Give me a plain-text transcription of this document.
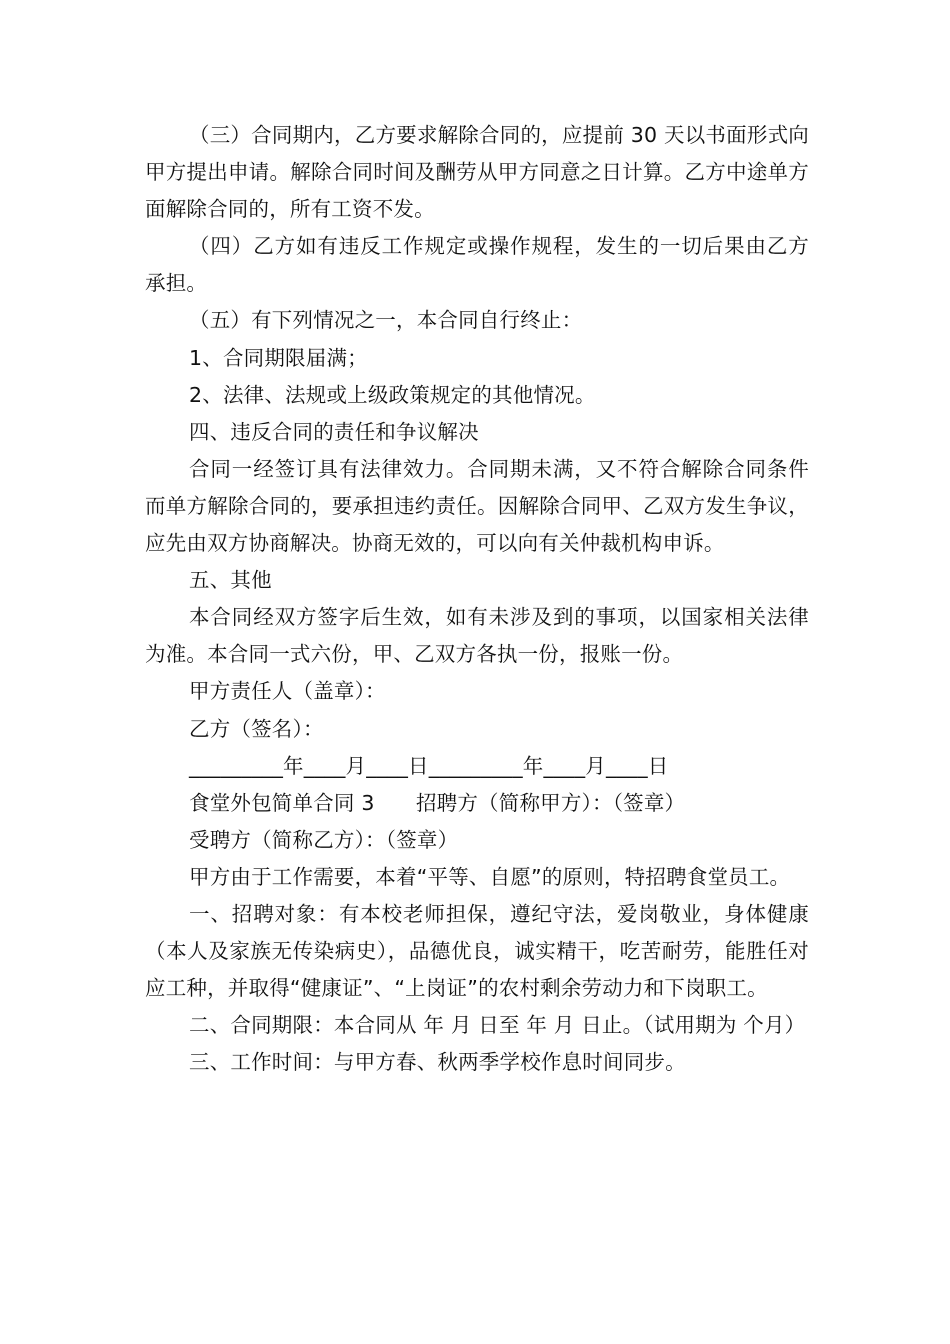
（三）合同期内，乙方要求解除合同的，应提前 30 天以书面形式向甲方提出申请。解除合同时间及酬劳从甲方同意之日计算。乙方中途单方面解除合同的，所有工资不发。

（四）乙方如有违反工作规定或操作规程，发生的一切后果由乙方承担。

（五）有下列情况之一，本合同自行终止：

1、合同期限届满；

2、法律、法规或上级政策规定的其他情况。

四、违反合同的责任和争议解决

合同一经签订具有法律效力。合同期未满，又不符合解除合同条件而单方解除合同的，要承担违约责任。因解除合同甲、乙双方发生争议，应先由双方协商解决。协商无效的，可以向有关仲裁机构申诉。

五、其他

本合同经双方签字后生效，如有未涉及到的事项，以国家相关法律为准。本合同一式六份，甲、乙双方各执一份，报账一份。

甲方责任人（盖章）：

乙方（签名）：

_________年____月____日_________年____月____日

食堂外包简单合同 3　　招聘方（简称甲方）：（签章）

受聘方（简称乙方）：（签章）

甲方由于工作需要，本着“平等、自愿”的原则，特招聘食堂员工。

一、招聘对象：有本校老师担保，遵纪守法，爱岗敬业，身体健康（本人及家族无传染病史），品德优良，诚实精干，吃苦耐劳，能胜任对应工种，并取得“健康证”、“上岗证”的农村剩余劳动力和下岗职工。

二、合同期限：本合同从 年 月 日至 年 月 日止。（试用期为 个月）

三、工作时间：与甲方春、秋两季学校作息时间同步。
